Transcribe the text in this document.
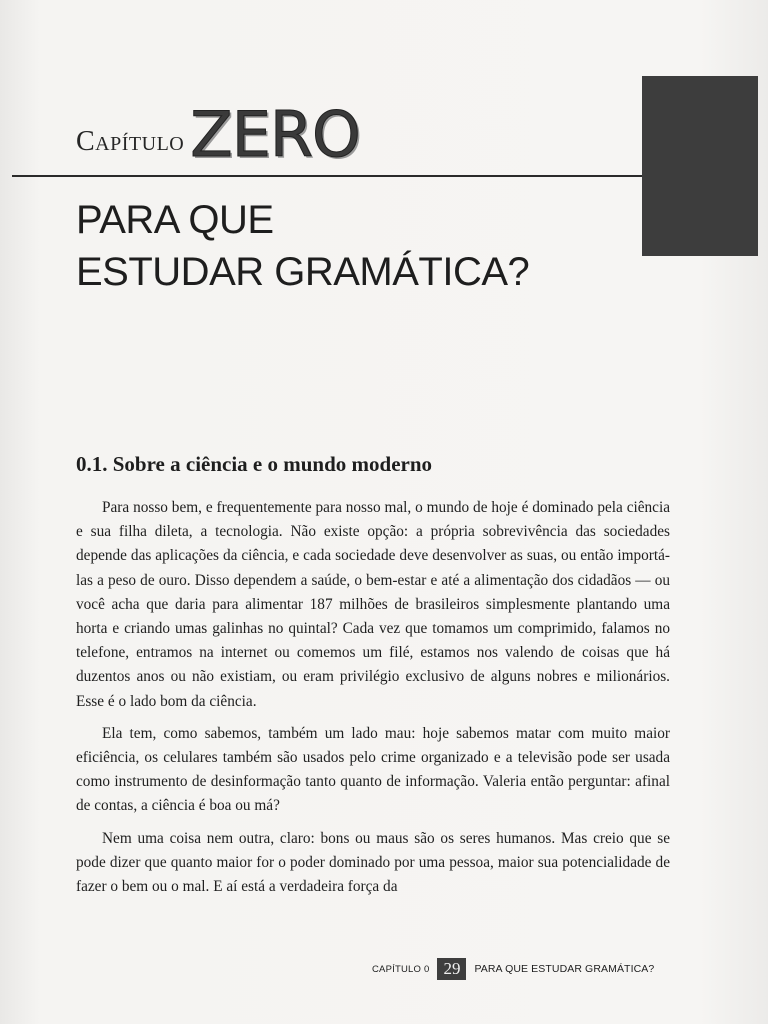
Capítulo ZERO
PARA QUE
ESTUDAR GRAMÁTICA?
0.1. Sobre a ciência e o mundo moderno

Para nosso bem, e frequentemente para nosso mal, o mundo de hoje é dominado pela ciência e sua filha dileta, a tecnologia. Não existe opção: a própria sobrevivência das sociedades depende das aplicações da ciência, e cada sociedade deve desenvolver as suas, ou então importá-las a peso de ouro. Disso dependem a saúde, o bem-estar e até a alimentação dos cidadãos — ou você acha que daria para alimentar 187 milhões de brasileiros simplesmente plantando uma horta e criando umas galinhas no quintal? Cada vez que tomamos um comprimido, falamos no telefone, entramos na internet ou comemos um filé, estamos nos valendo de coisas que há duzentos anos ou não existiam, ou eram privilégio exclusivo de alguns nobres e milionários. Esse é o lado bom da ciência.

Ela tem, como sabemos, também um lado mau: hoje sabemos matar com muito maior eficiência, os celulares também são usados pelo crime organizado e a televisão pode ser usada como instrumento de desinformação tanto quanto de informação. Valeria então perguntar: afinal de contas, a ciência é boa ou má?

Nem uma coisa nem outra, claro: bons ou maus são os seres humanos. Mas creio que se pode dizer que quanto maior for o poder dominado por uma pessoa, maior sua potencialidade de fazer o bem ou o mal. E aí está a verdadeira força da

CAPÍTULO 0 29	PARA QUE ESTUDAR GRAMÁTICA?
